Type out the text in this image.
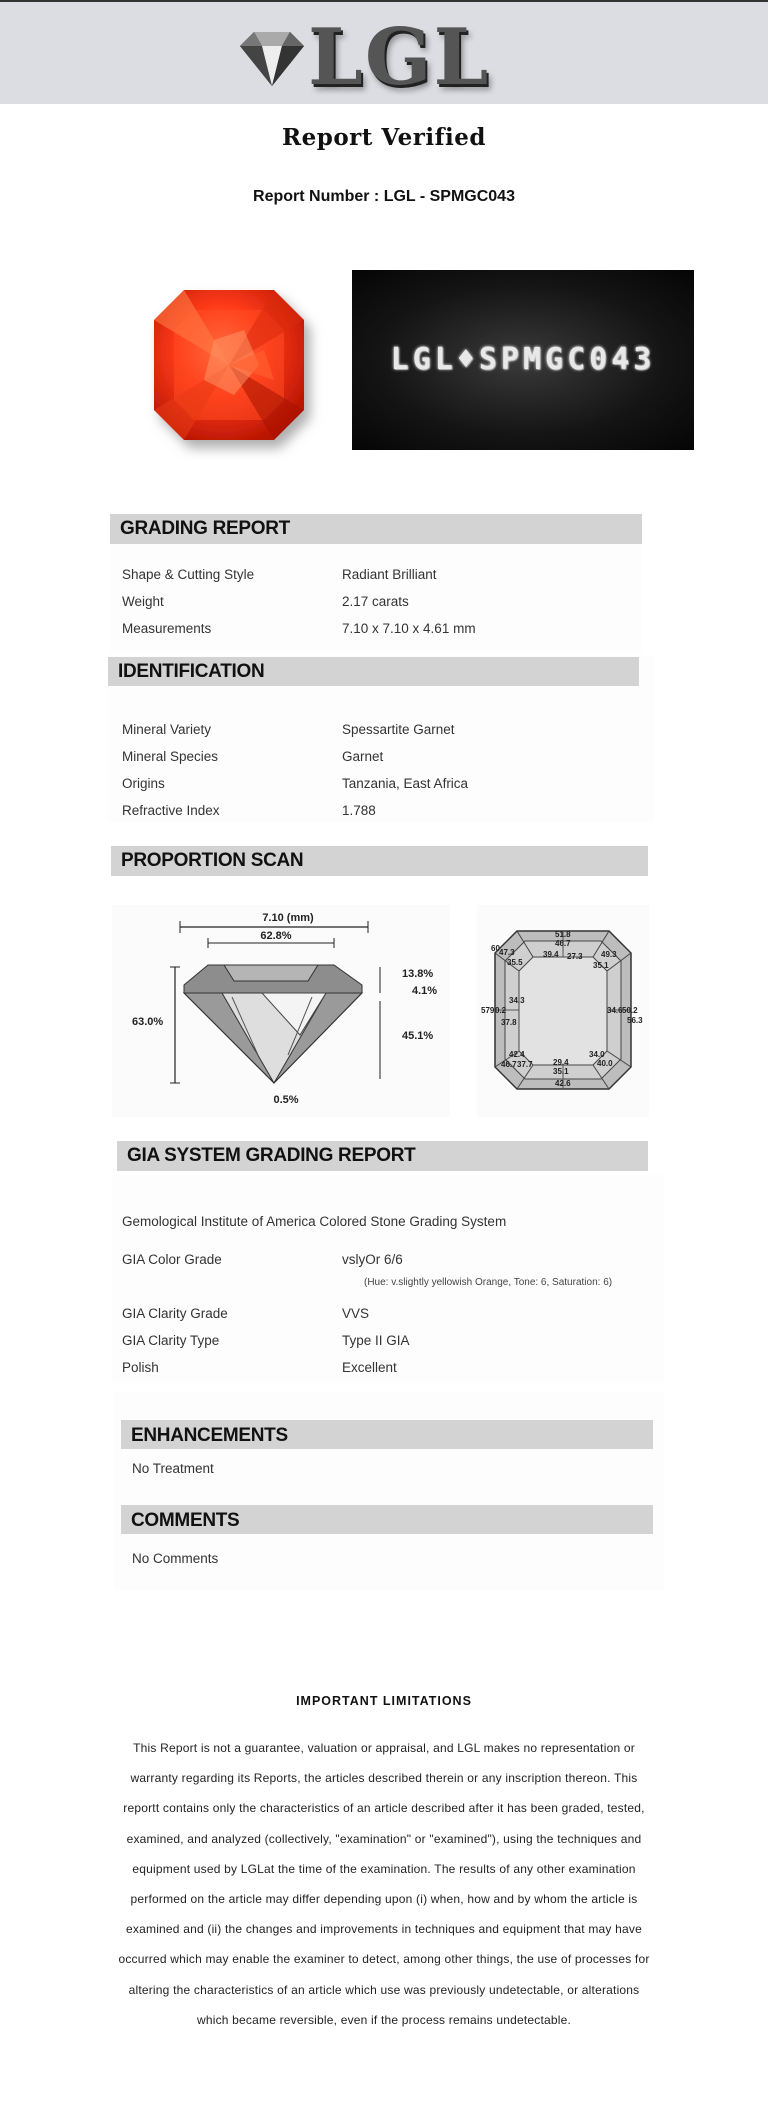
LGL
Report Verified
Report Number : LGL - SPMGC043
LGL♦SPMGC043
GRADING REPORT
Shape & Cutting Style	Radiant Brilliant
Weight	2.17 carats
Measurements	7.10 x 7.10 x 4.61 mm
IDENTIFICATION
Mineral Variety	Spessartite Garnet
Mineral Species	Garnet
Origins	Tanzania, East Africa
Refractive Index	1.788
PROPORTION SCAN
7.10 (mm)
62.8%
63.0%
13.8%
4.1%
45.1%
0.5%
51.8
46.7
39.4 27.3
60 47.3
35.5
49.3
35.1
579 0.2
34.3
37.8
34.6 50.2
56.3
42.4
46.7 37.7	29.4
35.1
34.0
40.0
42.6
GIA SYSTEM GRADING REPORT
Gemological Institute of America Colored Stone Grading System
GIA Color Grade	vslyOr 6/6
(Hue: v.slightly yellowish Orange, Tone: 6, Saturation: 6)
GIA Clarity Grade	VVS
GIA Clarity Type	Type II GIA
Polish	Excellent
ENHANCEMENTS
No Treatment
COMMENTS
No Comments
IMPORTANT LIMITATIONS
This Report is not a guarantee, valuation or appraisal, and LGL makes no representation or warranty regarding its Reports, the articles described therein or any inscription thereon. This reportt contains only the characteristics of an article described after it has been graded, tested, examined, and analyzed (collectively, "examination" or "examined"), using the techniques and equipment used by LGLat the time of the examination. The results of any other examination performed on the article may differ depending upon (i) when, how and by whom the article is examined and (ii) the changes and improvements in techniques and equipment that may have occurred which may enable the examiner to detect, among other things, the use of processes for altering the characteristics of an article which use was previously undetectable, or alterations which became reversible, even if the process remains undetectable.
